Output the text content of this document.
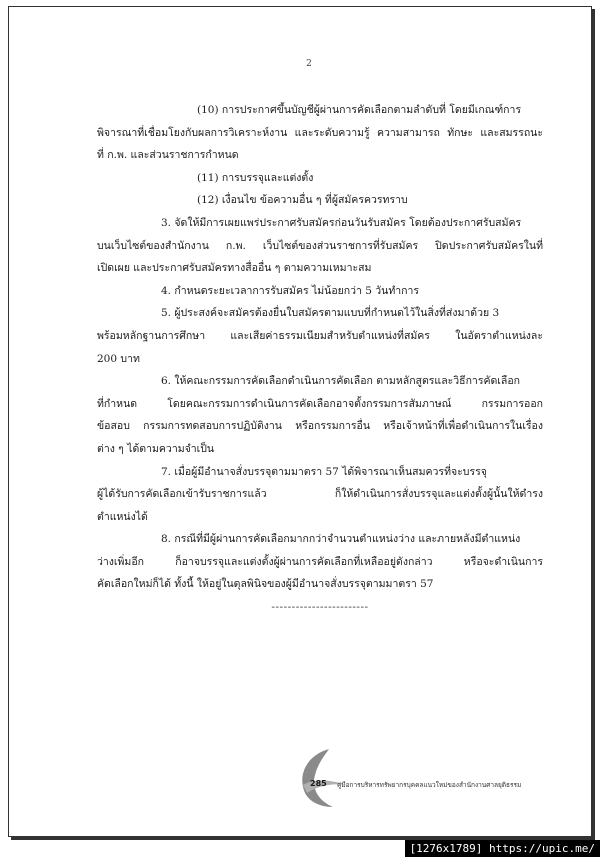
2
(10) การประกาศขึ้นบัญชีผู้ผ่านการคัดเลือกตามลำดับที่ โดยมีเกณฑ์การ
พิจารณาที่เชื่อมโยงกับผลการวิเคราะห์งาน และระดับความรู้ ความสามารถ ทักษะ และสมรรถนะ
ที่ ก.พ. และส่วนราชการกำหนด
(11) การบรรจุและแต่งตั้ง
(12) เงื่อนไข ข้อความอื่น ๆ ที่ผู้สมัครควรทราบ
3. จัดให้มีการเผยแพร่ประกาศรับสมัครก่อนวันรับสมัคร โดยต้องประกาศรับสมัคร
บนเว็บไซต์ของสำนักงาน ก.พ. เว็บไซต์ของส่วนราชการที่รับสมัคร ปิดประกาศรับสมัครในที่
เปิดเผย และประกาศรับสมัครทางสื่ออื่น ๆ ตามความเหมาะสม
4. กำหนดระยะเวลาการรับสมัคร ไม่น้อยกว่า 5 วันทำการ
5. ผู้ประสงค์จะสมัครต้องยื่นใบสมัครตามแบบที่กำหนดไว้ในสิ่งที่ส่งมาด้วย 3
พร้อมหลักฐานการศึกษา และเสียค่าธรรมเนียมสำหรับตำแหน่งที่สมัคร ในอัตราตำแหน่งละ
200 บาท
6. ให้คณะกรรมการคัดเลือกดำเนินการคัดเลือก ตามหลักสูตรและวิธีการคัดเลือก
ที่กำหนด โดยคณะกรรมการดำเนินการคัดเลือกอาจตั้งกรรมการสัมภาษณ์ กรรมการออก
ข้อสอบ กรรมการทดสอบการปฏิบัติงาน หรือกรรมการอื่น หรือเจ้าหน้าที่เพื่อดำเนินการในเรื่อง
ต่าง ๆ ได้ตามความจำเป็น
7. เมื่อผู้มีอำนาจสั่งบรรจุตามมาตรา 57 ได้พิจารณาเห็นสมควรที่จะบรรจุ
ผู้ได้รับการคัดเลือกเข้ารับราชการแล้ว ก็ให้ดำเนินการสั่งบรรจุและแต่งตั้งผู้นั้นให้ดำรง
ตำแหน่งได้
8. กรณีที่มีผู้ผ่านการคัดเลือกมากกว่าจำนวนตำแหน่งว่าง และภายหลังมีตำแหน่ง
ว่างเพิ่มอีก ก็อาจบรรจุและแต่งตั้งผู้ผ่านการคัดเลือกที่เหลืออยู่ดังกล่าว หรือจะดำเนินการ
คัดเลือกใหม่ก็ได้ ทั้งนี้ ให้อยู่ในดุลพินิจของผู้มีอำนาจสั่งบรรจุตามมาตรา 57
------------------------
285 คู่มือการบริหารทรัพยากรบุคคลแนวใหม่ของสำนักงานศาลยุติธรรม
[1276x1789] https://upic.me/
